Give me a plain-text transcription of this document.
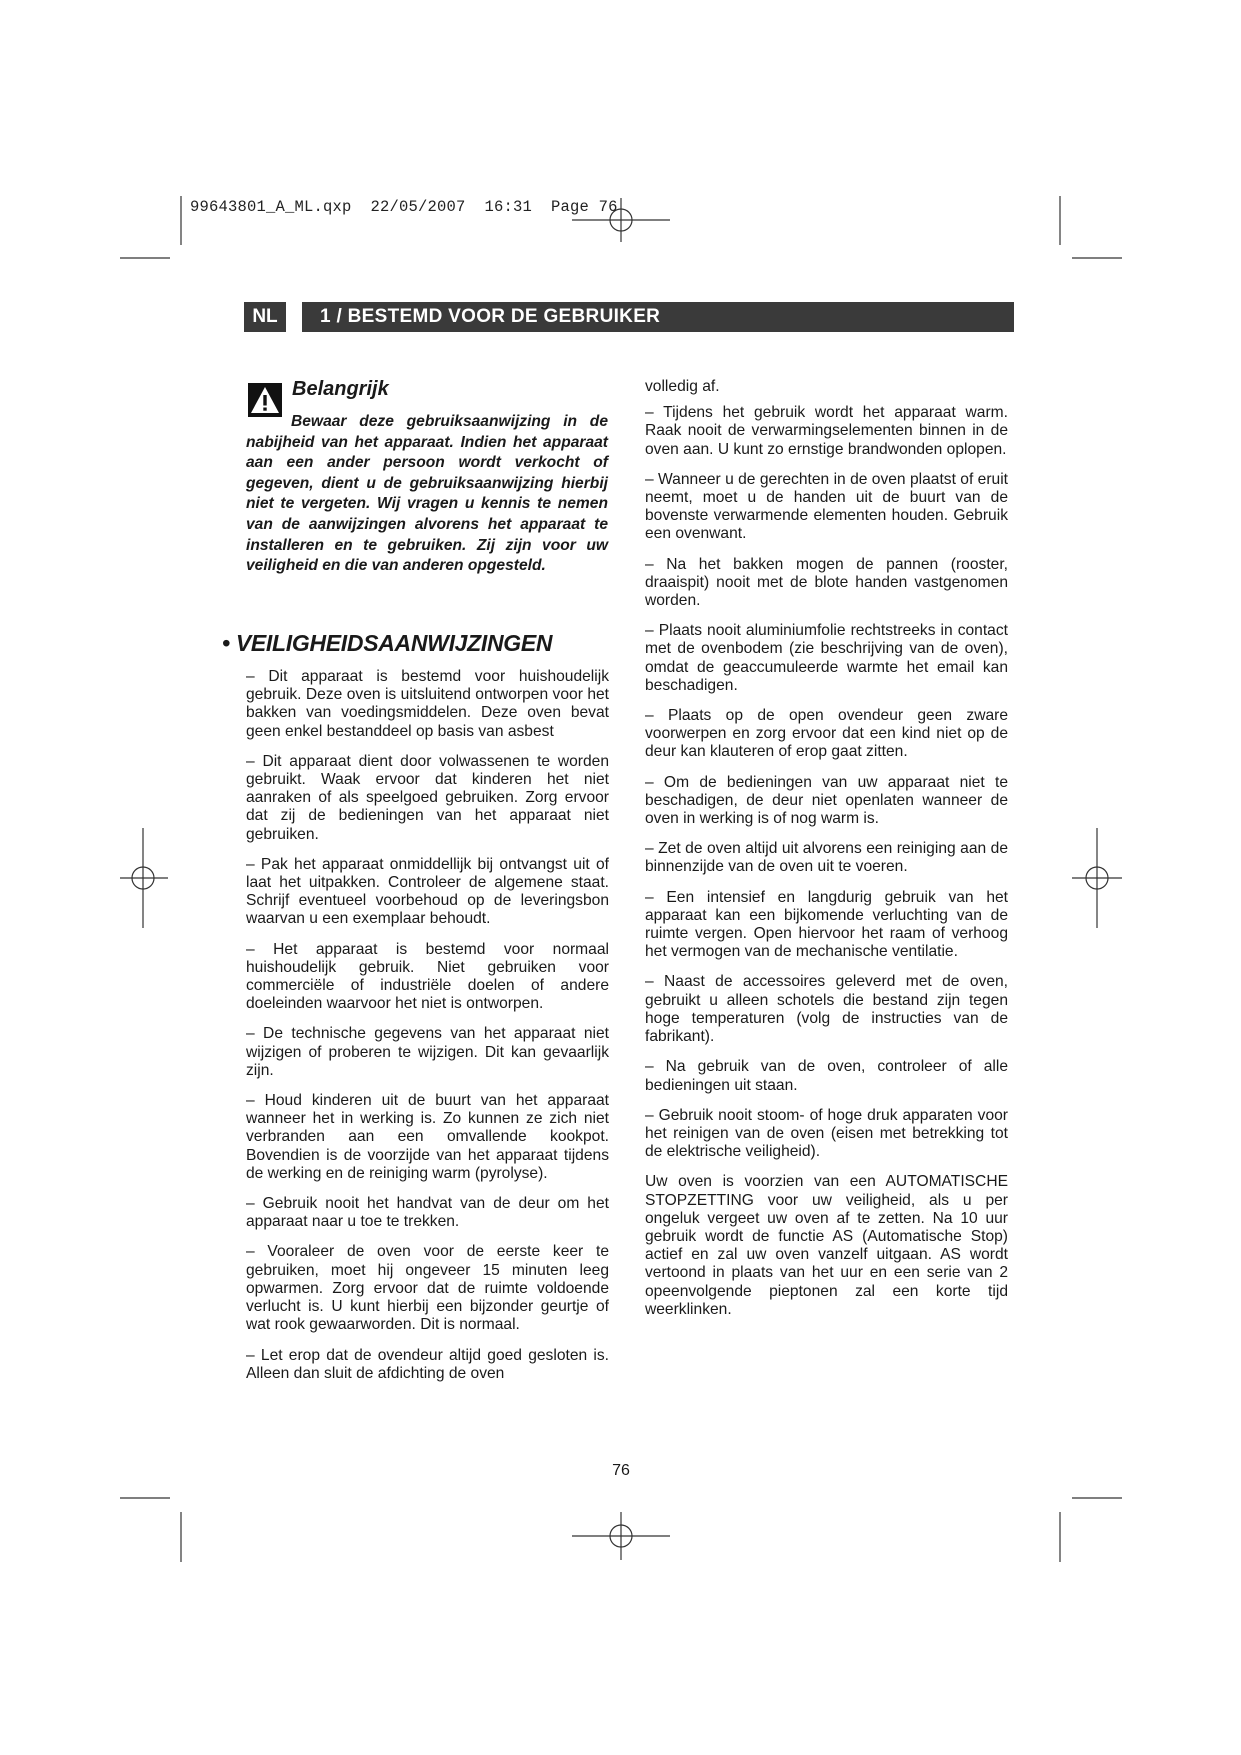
99643801_A_ML.qxp  22/05/2007  16:31  Page 76
NL	1 / BESTEMD VOOR DE GEBRUIKER
Belangrijk

Bewaar deze gebruiksaanwijzing in de nabijheid van het apparaat. Indien het apparaat aan een ander persoon wordt verkocht of gegeven, dient u de gebruiksaanwijzing hierbij niet te vergeten. Wij vragen u kennis te nemen van de aanwijzingen alvorens het apparaat te installeren en te gebruiken. Zij zijn voor uw veiligheid en die van anderen opgesteld.

• VEILIGHEIDSAANWIJZINGEN

– Dit apparaat is bestemd voor huishoudelijk gebruik. Deze oven is uitsluitend ontworpen voor het bakken van voedingsmiddelen. Deze oven bevat geen enkel bestanddeel op basis van asbest

– Dit apparaat dient door volwassenen te worden gebruikt. Waak ervoor dat kinderen het niet aanraken of als speelgoed gebruiken. Zorg ervoor dat zij de bedieningen van het apparaat niet gebruiken.

– Pak het apparaat onmiddellijk bij ontvangst uit of laat het uitpakken. Controleer de algemene staat. Schrijf eventueel voorbehoud op de leveringsbon waarvan u een exemplaar behoudt.

– Het apparaat is bestemd voor normaal huishoudelijk gebruik. Niet gebruiken voor commerciële of industriële doelen of andere doeleinden waarvoor het niet is ontworpen.

– De technische gegevens van het apparaat niet wijzigen of proberen te wijzigen. Dit kan gevaarlijk zijn.

– Houd kinderen uit de buurt van het apparaat wanneer het in werking is. Zo kunnen ze zich niet verbranden aan een omvallende kookpot. Bovendien is de voorzijde van het apparaat tijdens de werking en de reiniging warm (pyrolyse).

– Gebruik nooit het handvat van de deur om het apparaat naar u toe te trekken.

– Vooraleer de oven voor de eerste keer te gebruiken, moet hij ongeveer 15 minuten leeg opwarmen. Zorg ervoor dat de ruimte voldoende verlucht is. U kunt hierbij een bijzonder geurtje of wat rook gewaarworden. Dit is normaal.

– Let erop dat de ovendeur altijd goed gesloten is. Alleen dan sluit de afdichting de oven

volledig af.

– Tijdens het gebruik wordt het apparaat warm. Raak nooit de verwarmingselementen binnen in de oven aan. U kunt zo ernstige brandwonden oplopen.

– Wanneer u de gerechten in de oven plaatst of eruit neemt, moet u de handen uit de buurt van de bovenste verwarmende elementen houden. Gebruik een ovenwant.

– Na het bakken mogen de pannen (rooster, draaispit) nooit met de blote handen vastgenomen worden.

– Plaats nooit aluminiumfolie rechtstreeks in contact met de ovenbodem (zie beschrijving van de oven), omdat de geaccumuleerde warmte het email kan beschadigen.

– Plaats op de open ovendeur geen zware voorwerpen en zorg ervoor dat een kind niet op de deur kan klauteren of erop gaat zitten.

– Om de bedieningen van uw apparaat niet te beschadigen, de deur niet openlaten wanneer de oven in werking is of nog warm is.

– Zet de oven altijd uit alvorens een reiniging aan de binnenzijde van de oven uit te voeren.

– Een intensief en langdurig gebruik van het apparaat kan een bijkomende verluchting van de ruimte vergen. Open hiervoor het raam of verhoog het vermogen van de mechanische ventilatie.

– Naast de accessoires geleverd met de oven, gebruikt u alleen schotels die bestand zijn tegen hoge temperaturen (volg de instructies van de fabrikant).

– Na gebruik van de oven, controleer of alle bedieningen uit staan.

– Gebruik nooit stoom- of hoge druk apparaten voor het reinigen van de oven (eisen met betrekking tot de elektrische veiligheid).

Uw oven is voorzien van een AUTOMATISCHE STOPZETTING voor uw veiligheid, als u per ongeluk vergeet uw oven af te zetten. Na 10 uur gebruik wordt de functie AS (Automatische Stop) actief en zal uw oven vanzelf uitgaan. AS wordt vertoond in plaats van het uur en een serie van 2 opeenvolgende pieptonen zal een korte tijd weerklinken.

76
